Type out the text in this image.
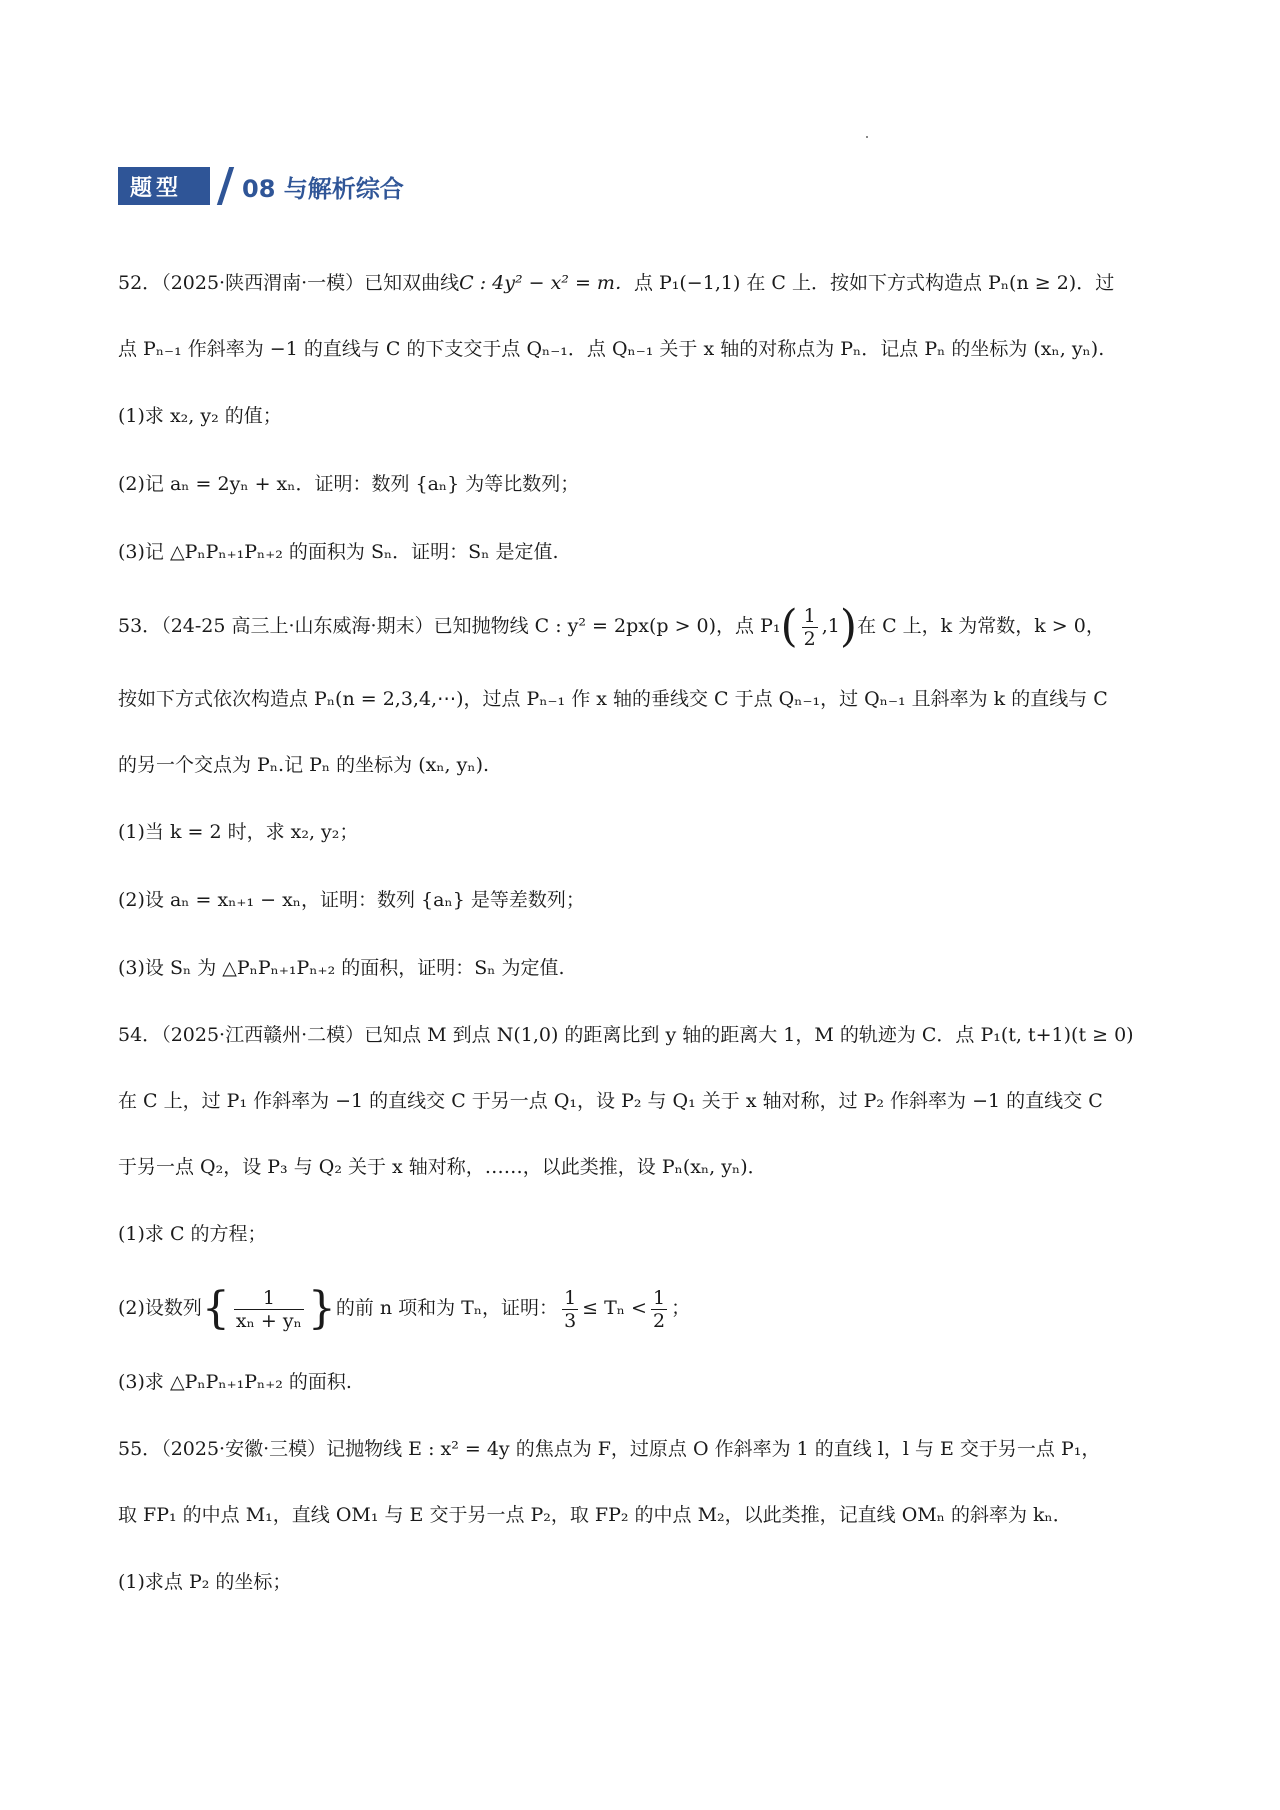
题型 08 与解析综合
52．（2025·陕西渭南·一模）已知双曲线C : 4y² − x² = m．点 P₁(−1,1) 在 C 上．按如下方式构造点 Pₙ(n ≥ 2)．过
点 Pₙ₋₁ 作斜率为 −1 的直线与 C 的下支交于点 Qₙ₋₁．点 Qₙ₋₁ 关于 x 轴的对称点为 Pₙ．记点 Pₙ 的坐标为 (xₙ, yₙ).
(1)求 x₂, y₂ 的值；
(2)记 aₙ = 2yₙ + xₙ．证明：数列 {aₙ} 为等比数列；
(3)记 △PₙPₙ₊₁Pₙ₊₂ 的面积为 Sₙ．证明：Sₙ 是定值.
53．（24-25 高三上·山东威海·期末）已知抛物线 C : y² = 2px(p > 0)，点 $P_1( \frac{1}{2} ,1)$在 C 上，k 为常数，k > 0，
按如下方式依次构造点 Pₙ(n = 2,3,4,⋯)，过点 Pₙ₋₁ 作 x 轴的垂线交 C 于点 Qₙ₋₁，过 Qₙ₋₁ 且斜率为 k 的直线与 C
的另一个交点为 Pₙ.记 Pₙ 的坐标为 (xₙ, yₙ).
(1)当 k = 2 时，求 x₂, y₂；
(2)设 aₙ = xₙ₊₁ − xₙ，证明：数列 {aₙ} 是等差数列；
(3)设 Sₙ 为 △PₙPₙ₊₁Pₙ₊₂ 的面积，证明：Sₙ 为定值.
54．（2025·江西赣州·二模）已知点 M 到点 N(1,0) 的距离比到 y 轴的距离大 1，M 的轨迹为 C．点 P₁(t, t+1)(t ≥ 0)
在 C 上，过 P₁ 作斜率为 −1 的直线交 C 于另一点 Q₁，设 P₂ 与 Q₁ 关于 x 轴对称，过 P₂ 作斜率为 −1 的直线交 C
于另一点 Q₂，设 P₃ 与 Q₂ 关于 x 轴对称，……，以此类推，设 Pₙ(xₙ, yₙ)．
(1)求 C 的方程；
(2)设数列{ $\frac{1}{\text{xₙ + yₙ}}$ }的前 n 项和为 Tₙ，证明： $\frac{1}{3} \le T_n < \frac{1}{2}$ ；
(3)求 △PₙPₙ₊₁Pₙ₊₂ 的面积.
55．（2025·安徽·三模）记抛物线 E : x² = 4y 的焦点为 F，过原点 O 作斜率为 1 的直线 l，l 与 E 交于另一点 P₁，
取 FP₁ 的中点 M₁，直线 OM₁ 与 E 交于另一点 P₂，取 FP₂ 的中点 M₂，以此类推，记直线 OMₙ 的斜率为 kₙ．
(1)求点 P₂ 的坐标；
